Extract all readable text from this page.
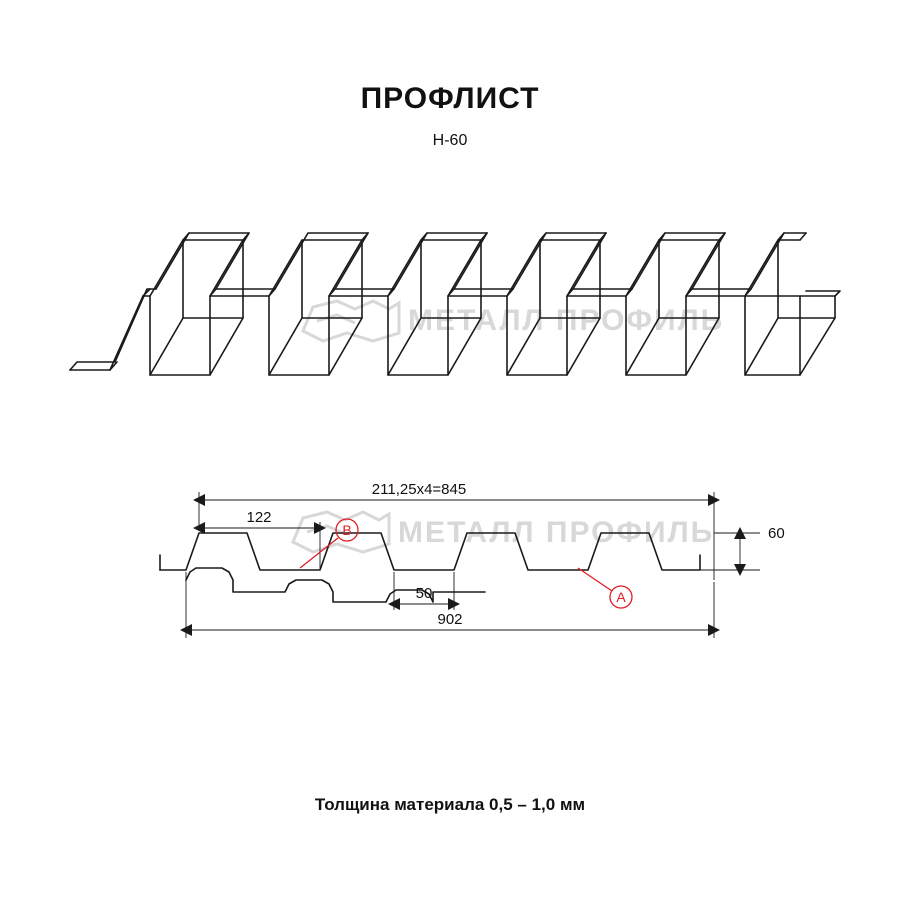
ПРОФЛИСТ
Н-60
МЕТАЛЛ ПРОФИЛЬ
МЕТАЛЛ ПРОФИЛЬ
211,25х4=845
122
50
60
902
B
A
Толщина материала 0,5 – 1,0 мм
